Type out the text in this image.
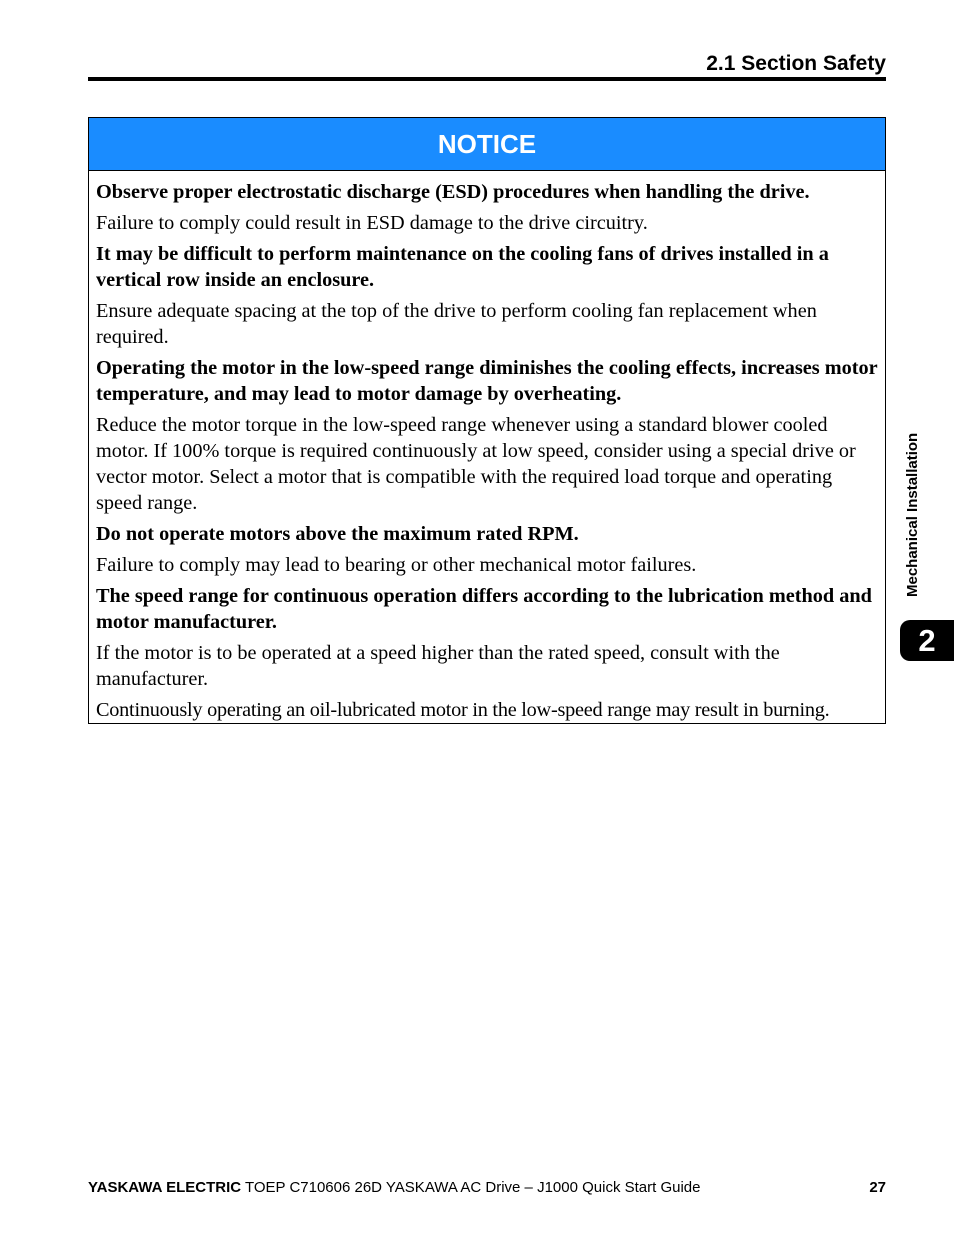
2.1 Section Safety
NOTICE

Observe proper electrostatic discharge (ESD) procedures when handling the drive.

Failure to comply could result in ESD damage to the drive circuitry.

It may be difficult to perform maintenance on the cooling fans of drives installed in a vertical row inside an enclosure.

Ensure adequate spacing at the top of the drive to perform cooling fan replacement when required.

Operating the motor in the low-speed range diminishes the cooling effects, increases motor temperature, and may lead to motor damage by overheating.

Reduce the motor torque in the low-speed range whenever using a standard blower cooled motor. If 100% torque is required continuously at low speed, consider using a special drive or vector motor. Select a motor that is compatible with the required load torque and operating speed range.

Do not operate motors above the maximum rated RPM.

Failure to comply may lead to bearing or other mechanical motor failures.

The speed range for continuous operation differs according to the lubrication method and motor manufacturer.

If the motor is to be operated at a speed higher than the rated speed, consult with the manufacturer.

Continuously operating an oil-lubricated motor in the low-speed range may result in burning.

Mechanical Installation
2
YASKAWA ELECTRIC TOEP C710606 26D YASKAWA AC Drive – J1000 Quick Start Guide	27
